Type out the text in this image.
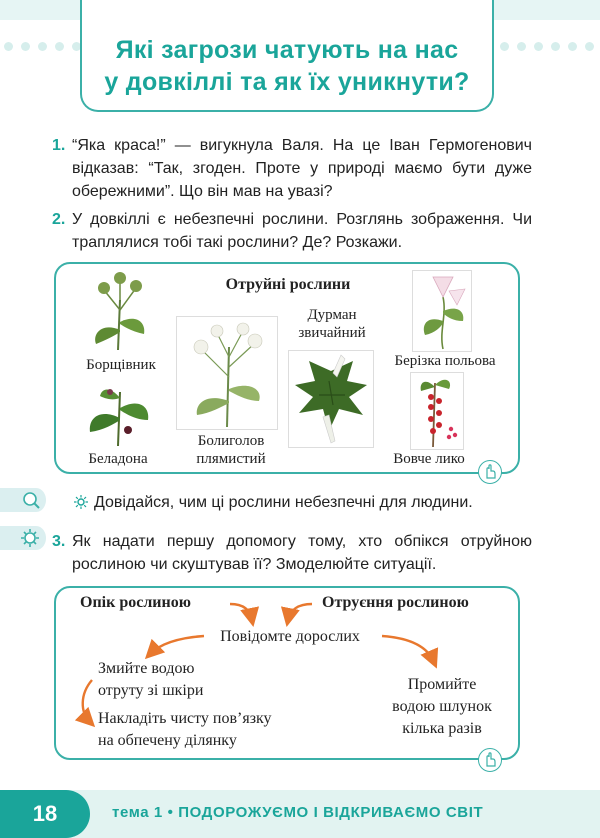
Які загрози чатують на нас
у довкіллі та як їх уникнути?
1. “Яка краса!” — вигукнула Валя. На це Іван Гермогенович відказав: “Так, згоден. Проте у природі маємо бути дуже обережними”. Що він мав на увазі?
2. У довкіллі є небезпечні рослини. Розглянь зображення. Чи траплялися тобі такі рослини? Де? Розкажи.
Отруйні рослини
Борщівник
Беладона
Болиголов
плямистий
Дурман
звичайний
Берізка польова
Вовче лико
Довідайся, чим ці рослини небезпечні для людини.
3. Як надати першу допомогу тому, хто обпікся отруйною рослиною чи скуштував її? Змоделюйте ситуації.
Опік рослиною	Отруєння рослиною
Повідомте дорослих
Змийте водою
отруту зі шкіри
Накладіть чисту пов’язку
на обпечену ділянку
Промийте
водою шлунок
кілька разів
18	тема 1 • ПОДОРОЖУЄМО І ВІДКРИВАЄМО СВІТ
